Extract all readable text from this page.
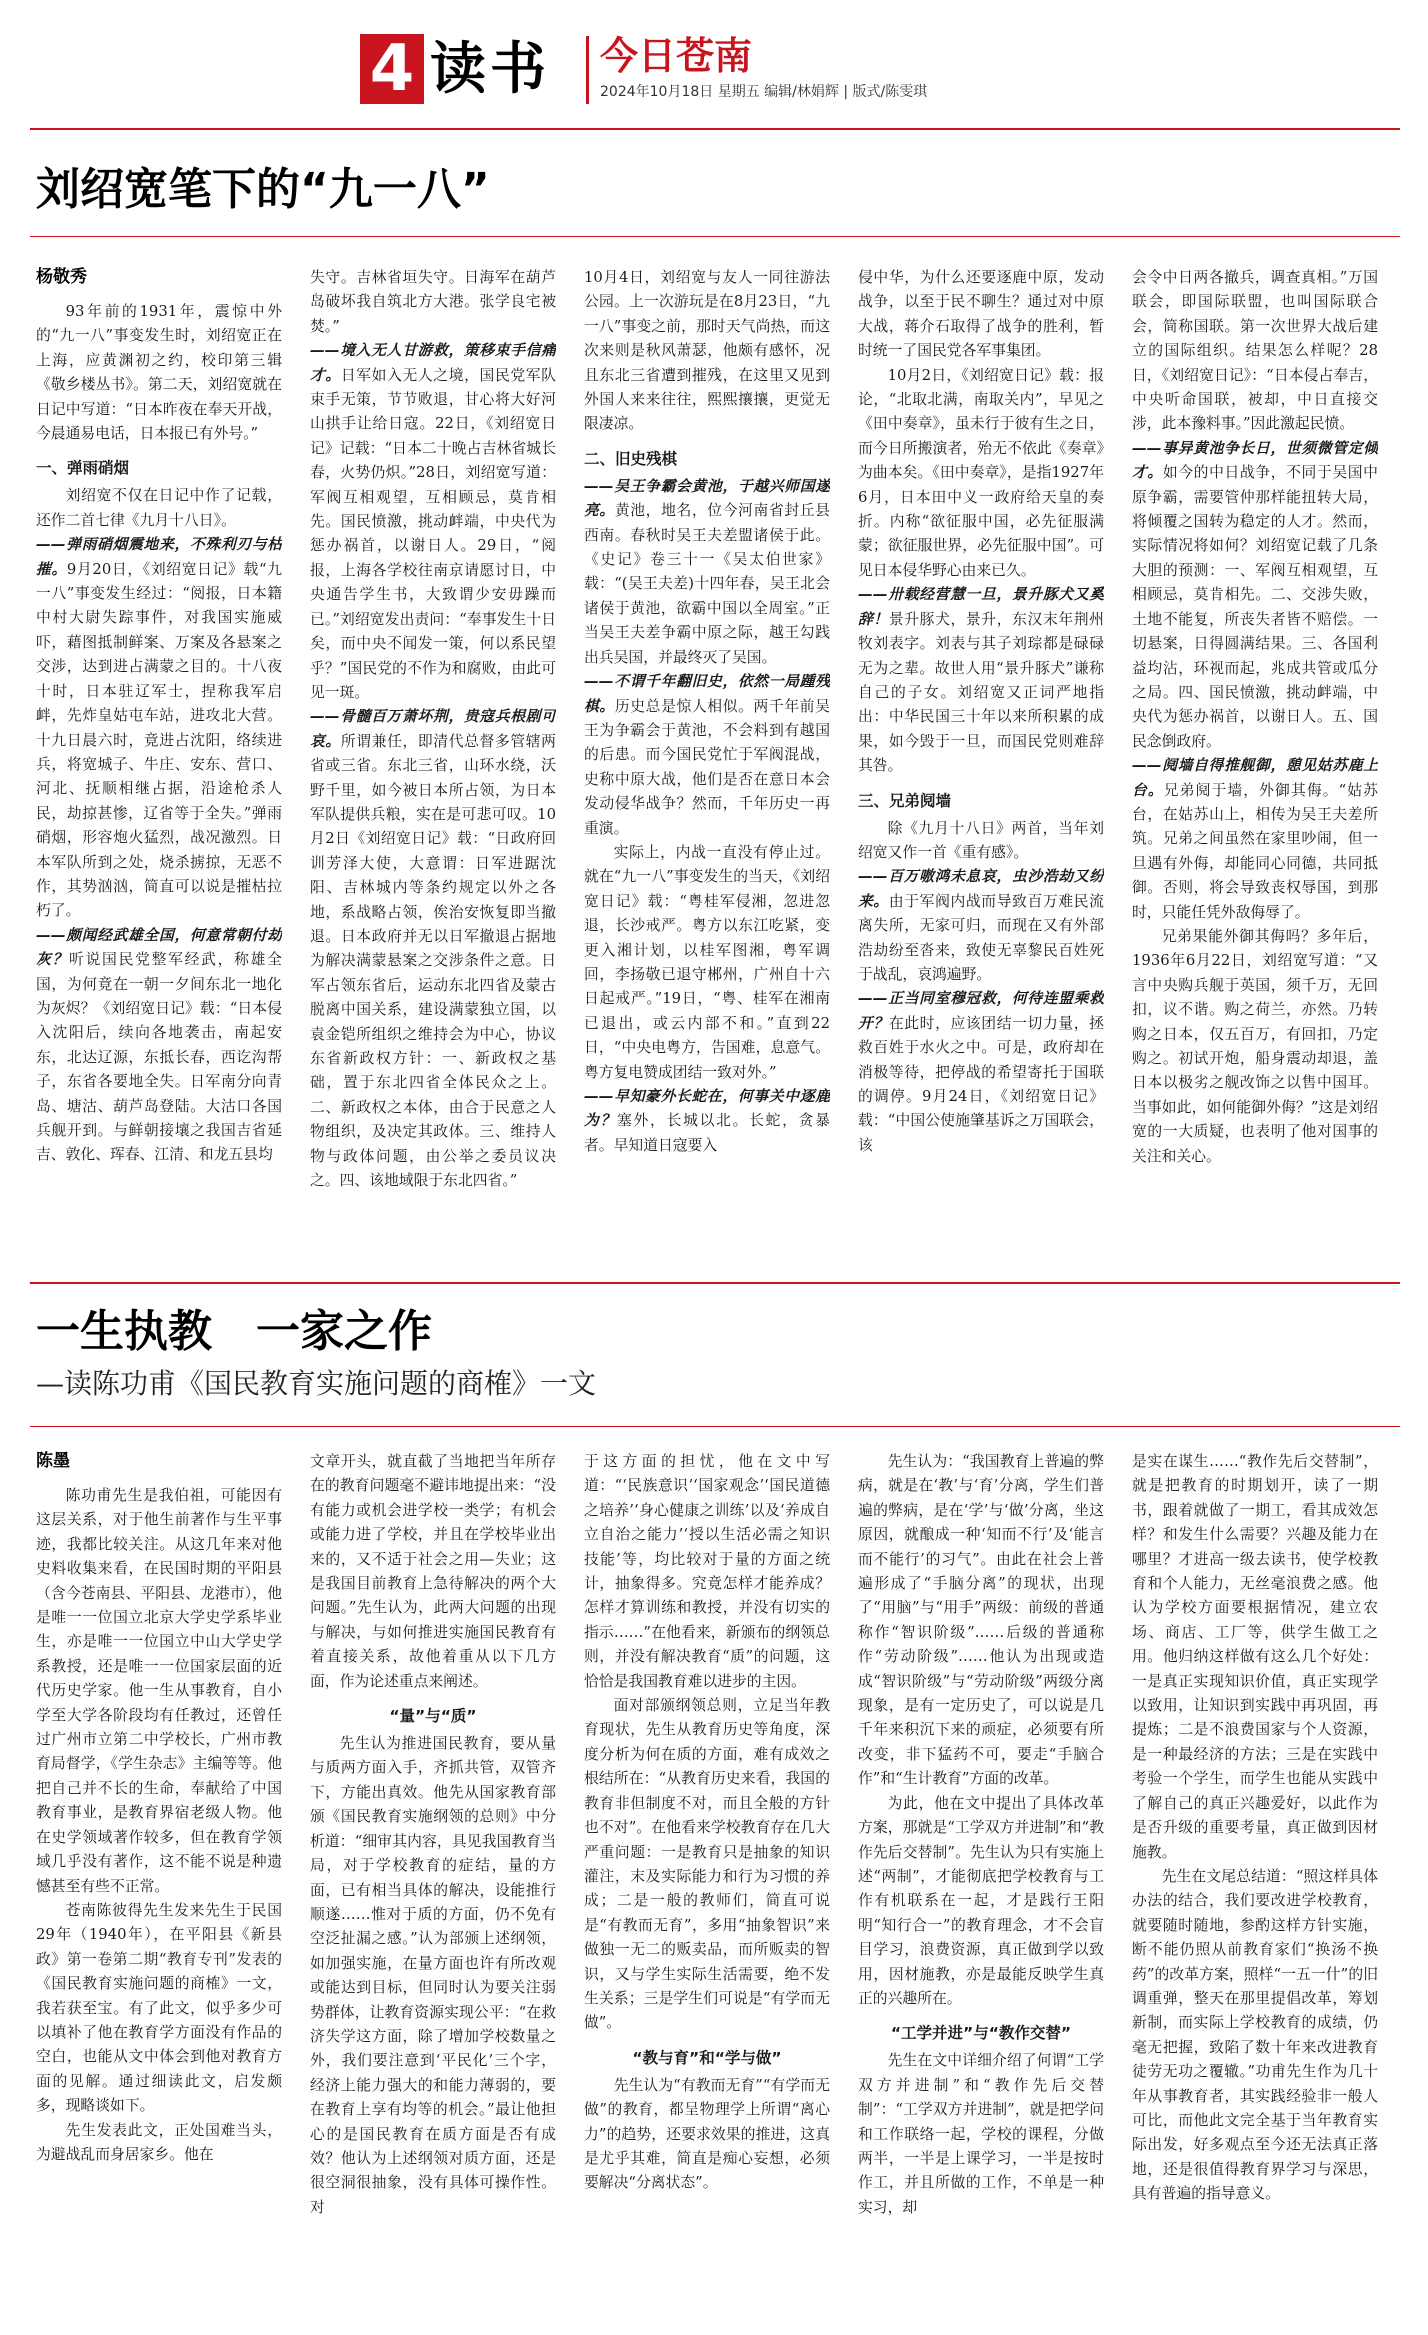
4 读书 今日苍南
2024年10月18日 星期五 编辑/林娟辉 | 版式/陈雯琪
刘绍宽笔下的“九一八”
杨敬秀

93年前的1931年，震惊中外的“九一八”事变发生时，刘绍宽正在上海，应黄渊初之约，校印第三辑《敬乡楼丛书》。第二天，刘绍宽就在日记中写道：“日本昨夜在奉天开战，今晨通易电话，日本报已有外号。”

一、弹雨硝烟

刘绍宽不仅在日记中作了记载，还作二首七律《九月十八日》。

——弹雨硝烟震地来，不殊利刃与枯摧。9月20日，《刘绍宽日记》载“九一八”事变发生经过：“阅报，日本籍中村大尉失踪事件，对我国实施威吓，藉图抵制鲜案、万案及各悬案之交涉，达到进占满蒙之目的。十八夜十时，日本驻辽军士，捏称我军启衅，先炸皇姑屯车站，进攻北大营。十九日晨六时，竟进占沈阳，络续进兵，将宽城子、牛庄、安东、营口、河北、抚顺相继占据，沿途枪杀人民，劫掠甚惨，辽省等于全失。”弹雨硝烟，形容炮火猛烈，战况激烈。日本军队所到之处，烧杀掳掠，无恶不作，其势汹汹，简直可以说是摧枯拉朽了。

——颇闻经武雄全国，何意常朝付劫灰？听说国民党整军经武，称雄全国，为何竟在一朝一夕间东北一地化为灰烬？《刘绍宽日记》载：“日本侵入沈阳后，续向各地袭击，南起安东，北达辽源，东抵长春，西讫沟帮子，东省各要地全失。日军南分向青岛、塘沽、葫芦岛登陆。大沽口各国兵舰开到。与鲜朝接壤之我国吉省延吉、敦化、珲春、江清、和龙五县均

失守。吉林省垣失守。日海军在葫芦岛破坏我自筑北方大港。张学良宅被焚。”

——境入无人甘游救，策移束手信痛才。日军如入无人之境，国民党军队束手无策，节节败退，甘心将大好河山拱手让给日寇。22日，《刘绍宽日记》记载：“日本二十晚占吉林省城长春，火势仍炽。”28日，刘绍宽写道：军阀互相观望，互相顾忌，莫肯相先。国民愤激，挑动衅端，中央代为惩办祸首，以谢日人。29日，“阅报，上海各学校往南京请愿讨日，中央通告学生书，大致谓少安毋躁而已。”刘绍宽发出责问：“奉事发生十日矣，而中央不闻发一策，何以系民望乎？”国民党的不作为和腐败，由此可见一斑。

——骨髓百万萧坏荆，贵寇兵根剧可哀。所谓兼任，即清代总督多管辖两省或三省。东北三省，山环水绕，沃野千里，如今被日本所占领，为日本军队提供兵粮，实在是可悲可叹。10月2日《刘绍宽日记》载：“日政府回训芳泽大使，大意谓：日军进踞沈阳、吉林城内等条约规定以外之各地，系战略占领，俟治安恢复即当撤退。日本政府并无以日军撤退占据地为解决满蒙悬案之交涉条件之意。日军占领东省后，运动东北四省及蒙古脱离中国关系，建设满蒙独立国，以袁金铠所组织之维持会为中心，协议东省新政权方针：一、新政权之基础，置于东北四省全体民众之上。二、新政权之本体，由合于民意之人物组织，及决定其政体。三、维持人物与政体问题，由公举之委员议决之。四、该地域限于东北四省。”

10月4日，刘绍宽与友人一同往游法公园。上一次游玩是在8月23日，“九一八”事变之前，那时天气尚热，而这次来则是秋风萧瑟，他颇有感怀，况且东北三省遭到摧残，在这里又见到外国人来来往往，熙熙攘攘，更觉无限凄凉。

二、旧史残棋

——吴王争霸会黄池，于越兴师国遂亮。黄池，地名，位今河南省封丘县西南。春秋时吴王夫差盟诸侯于此。《史记》卷三十一《吴太伯世家》载：“(吴王夫差)十四年春，吴王北会诸侯于黄池，欲霸中国以全周室。”正当吴王夫差争霸中原之际，越王勾践出兵吴国，并最终灭了吴国。

——不谓千年翻旧史，依然一局踵残棋。历史总是惊人相似。两千年前吴王为争霸会于黄池，不会料到有越国的后患。而今国民党忙于军阀混战，史称中原大战，他们是否在意日本会发动侵华战争？然而，千年历史一再重演。

实际上，内战一直没有停止过。就在“九一八”事变发生的当天，《刘绍宽日记》载：“粤桂军侵湘，忽进忽退，长沙戒严。粤方以东江吃紧，变更入湘计划，以桂军图湘，粤军调回，李扬敬已退守郴州，广州自十六日起戒严。”19日，“粤、桂军在湘南已退出，或云内部不和。”直到22日，“中央电粤方，告国难，息意气。粤方复电赞成团结一致对外。”

——早知豪外长蛇在，何事关中逐鹿为？塞外，长城以北。长蛇，贪暴者。早知道日寇要入

侵中华，为什么还要逐鹿中原，发动战争，以至于民不聊生？通过对中原大战，蒋介石取得了战争的胜利，暂时统一了国民党各军事集团。

10月2日，《刘绍宽日记》载：报论，“北取北满，南取关内”，早见之《田中奏章》，虽未行于彼有生之日，而今日所搬演者，殆无不依此《奏章》为曲本矣。《田中奏章》，是指1927年6月，日本田中义一政府给天皇的奏折。内称“欲征服中国，必先征服满蒙；欲征服世界，必先征服中国”。可见日本侵华野心由来已久。

——卅载经营慧一旦，景升豚犬又奚辞！景升豚犬，景升，东汉末年荆州牧刘表字。刘表与其子刘琮都是碌碌无为之辈。故世人用“景升豚犬”谦称自己的子女。刘绍宽又正词严地指出：中华民国三十年以来所积累的成果，如今毁于一旦，而国民党则难辞其咎。

三、兄弟阋墙

除《九月十八日》两首，当年刘绍宽又作一首《重有感》。

——百万嗷鸿未息哀，虫沙浩劫又纷来。由于军阀内战而导致百万难民流离失所，无家可归，而现在又有外部浩劫纷至沓来，致使无辜黎民百姓死于战乱，哀鸿遍野。

——正当同室穆冠救，何待连盟乘救开？在此时，应该团结一切力量，拯救百姓于水火之中。可是，政府却在消极等待，把停战的希望寄托于国联的调停。9月24日，《刘绍宽日记》载：“中国公使施肇基诉之万国联会，该

会令中日两各撤兵，调查真相。”万国联会，即国际联盟，也叫国际联合会，简称国联。第一次世界大战后建立的国际组织。结果怎么样呢？28日，《刘绍宽日记》：“日本侵占奉吉，中央听命国联，被却，中日直接交涉，此本豫料事。”因此激起民愤。

——事异黄池争长日，世须微管定倾才。如今的中日战争，不同于吴国中原争霸，需要管仲那样能扭转大局，将倾覆之国转为稳定的人才。然而，实际情况将如何？刘绍宽记载了几条大胆的预测：一、军阀互相观望，互相顾忌，莫肯相先。二、交涉失败，土地不能复，所丧失者皆不赔偿。一切悬案，日得圆满结果。三、各国利益均沾，环视而起，兆成共管或瓜分之局。四、国民愤激，挑动衅端，中央代为惩办祸首，以谢日人。五、国民念倒政府。

——阋墙自得推舰御，憩见姑苏鹿上台。兄弟阋于墙，外御其侮。“姑苏台，在姑苏山上，相传为吴王夫差所筑。兄弟之间虽然在家里吵闹，但一旦遇有外侮，却能同心同德，共同抵御。否则，将会导致丧权辱国，到那时，只能任凭外敌侮辱了。

兄弟果能外御其侮吗？多年后，1936年6月22日，刘绍宽写道：“又言中央购兵舰于英国，须千万，无回扣，议不谐。购之荷兰，亦然。乃转购之日本，仅五百万，有回扣，乃定购之。初试开炮，船身震动却退，盖日本以极劣之舰改饰之以售中国耳。当事如此，如何能御外侮？”这是刘绍宽的一大质疑，也表明了他对国事的关注和关心。

一生执教　一家之作
—读陈功甫《国民教育实施问题的商榷》一文
陈墨

陈功甫先生是我伯祖，可能因有这层关系，对于他生前著作与生平事迹，我都比较关注。从这几年来对他史料收集来看，在民国时期的平阳县（含今苍南县、平阳县、龙港市），他是唯一一位国立北京大学史学系毕业生，亦是唯一一位国立中山大学史学系教授，还是唯一一位国家层面的近代历史学家。他一生从事教育，自小学至大学各阶段均有任教过，还曾任过广州市立第二中学校长，广州市教育局督学，《学生杂志》主编等等。他把自己并不长的生命，奉献给了中国教育事业，是教育界宿老级人物。他在史学领域著作较多，但在教育学领域几乎没有著作，这不能不说是种遗憾甚至有些不正常。

苍南陈彼得先生发来先生于民国29年（1940年），在平阳县《新县政》第一卷第二期“教育专刊”发表的《国民教育实施问题的商榷》一文，我若获至宝。有了此文，似乎多少可以填补了他在教育学方面没有作品的空白，也能从文中体会到他对教育方面的见解。通过细读此文，启发颇多，现略谈如下。

先生发表此文，正处国难当头，为避战乱而身居家乡。他在

文章开头，就直截了当地把当年所存在的教育问题毫不避讳地提出来：“没有能力或机会进学校一类学；有机会或能力进了学校，并且在学校毕业出来的，又不适于社会之用—失业；这是我国目前教育上急待解决的两个大问题。”先生认为，此两大问题的出现与解决，与如何推进实施国民教育有着直接关系，故他着重从以下几方面，作为论述重点来阐述。

“量”与“质”

先生认为推进国民教育，要从量与质两方面入手，齐抓共管，双管齐下，方能出真效。他先从国家教育部颁《国民教育实施纲领的总则》中分析道：“细审其内容，具见我国教育当局，对于学校教育的症结，量的方面，已有相当具体的解决，设能推行顺遂……惟对于质的方面，仍不免有空泛扯漏之感。”认为部颁上述纲领，如加强实施，在量方面也许有所改观或能达到目标，但同时认为要关注弱势群体，让教育资源实现公平：“在救济失学这方面，除了增加学校数量之外，我们要注意到‘平民化’三个字，经济上能力强大的和能力薄弱的，要在教育上享有均等的机会。”最让他担心的是国民教育在质方面是否有成效？他认为上述纲领对质方面，还是很空洞很抽象，没有具体可操作性。对

于这方面的担忧，他在文中写道：“‘民族意识’‘国家观念’‘国民道德之培养’‘身心健康之训练’以及‘养成自立自治之能力’‘授以生活必需之知识技能’等，均比较对于量的方面之统计，抽象得多。究竟怎样才能养成？怎样才算训练和教授，并没有切实的指示……”在他看来，新颁布的纲领总则，并没有解决教育“质”的问题，这恰恰是我国教育难以进步的主因。

面对部颁纲领总则，立足当年教育现状，先生从教育历史等角度，深度分析为何在质的方面，难有成效之根结所在：“从教育历史来看，我国的教育非但制度不对，而且全般的方针也不对”。在他看来学校教育存在几大严重问题：一是教育只是抽象的知识灌注，末及实际能力和行为习惯的养成；二是一般的教师们，简直可说是“有教而无育”，多用“抽象智识”来做独一无二的贩卖品，而所贩卖的智识，又与学生实际生活需要，绝不发生关系；三是学生们可说是“有学而无做”。

“教与育”和“学与做”

先生认为“有教而无育”“有学而无做”的教育，都呈物理学上所谓“离心力”的趋势，还要求效果的推进，这真是尤乎其难，简直是痴心妄想，必须要解决“分离状态”。

先生认为：“我国教育上普遍的弊病，就是在‘教’与‘育’分离，学生们普遍的弊病，是在‘学’与‘做’分离，坐这原因，就酿成一种‘知而不行’及‘能言而不能行’的习气”。由此在社会上普遍形成了“手脑分离”的现状，出现了“用脑”与“用手”两级：前级的普通称作“智识阶级”……后级的普通称作“劳动阶级”……他认为出现或造成“智识阶级”与“劳动阶级”两级分离现象，是有一定历史了，可以说是几千年来积沉下来的顽症，必须要有所改变，非下猛药不可，要走“手脑合作”和“生计教育”方面的改革。

为此，他在文中提出了具体改革方案，那就是“工学双方并进制”和“教作先后交替制”。先生认为只有实施上述“两制”，才能彻底把学校教育与工作有机联系在一起，才是践行王阳明“知行合一”的教育理念，才不会盲目学习，浪费资源，真正做到学以致用，因材施教，亦是最能反映学生真正的兴趣所在。

“工学并进”与“教作交替”

先生在文中详细介绍了何谓“工学双方并进制”和“教作先后交替制”：“工学双方并进制”，就是把学问和工作联络一起，学校的课程，分做两半，一半是上课学习，一半是按时作工，并且所做的工作，不单是一种实习，却

是实在谋生……“教作先后交替制”，就是把教育的时期划开，读了一期书，跟着就做了一期工，看其成效怎样？和发生什么需要？兴趣及能力在哪里？才进高一级去读书，使学校教育和个人能力，无丝毫浪费之感。他认为学校方面要根据情况，建立农场、商店、工厂等，供学生做工之用。他归纳这样做有这么几个好处：一是真正实现知识价值，真正实现学以致用，让知识到实践中再巩固，再提炼；二是不浪费国家与个人资源，是一种最经济的方法；三是在实践中考验一个学生，而学生也能从实践中了解自己的真正兴趣爱好，以此作为是否升级的重要考量，真正做到因材施教。

先生在文尾总结道：“照这样具体办法的结合，我们要改进学校教育，就要随时随地，参酌这样方针实施，断不能仍照从前教育家们“换汤不换药”的改革方案，照样“一五一什”的旧调重弹，整天在那里提倡改革，筹划新制，而实际上学校教育的成绩，仍毫无把握，致陷了数十年来改进教育徒劳无功之覆辙。”功甫先生作为几十年从事教育者，其实践经验非一般人可比，而他此文完全基于当年教育实际出发，好多观点至今还无法真正落地，还是很值得教育界学习与深思，具有普遍的指导意义。
